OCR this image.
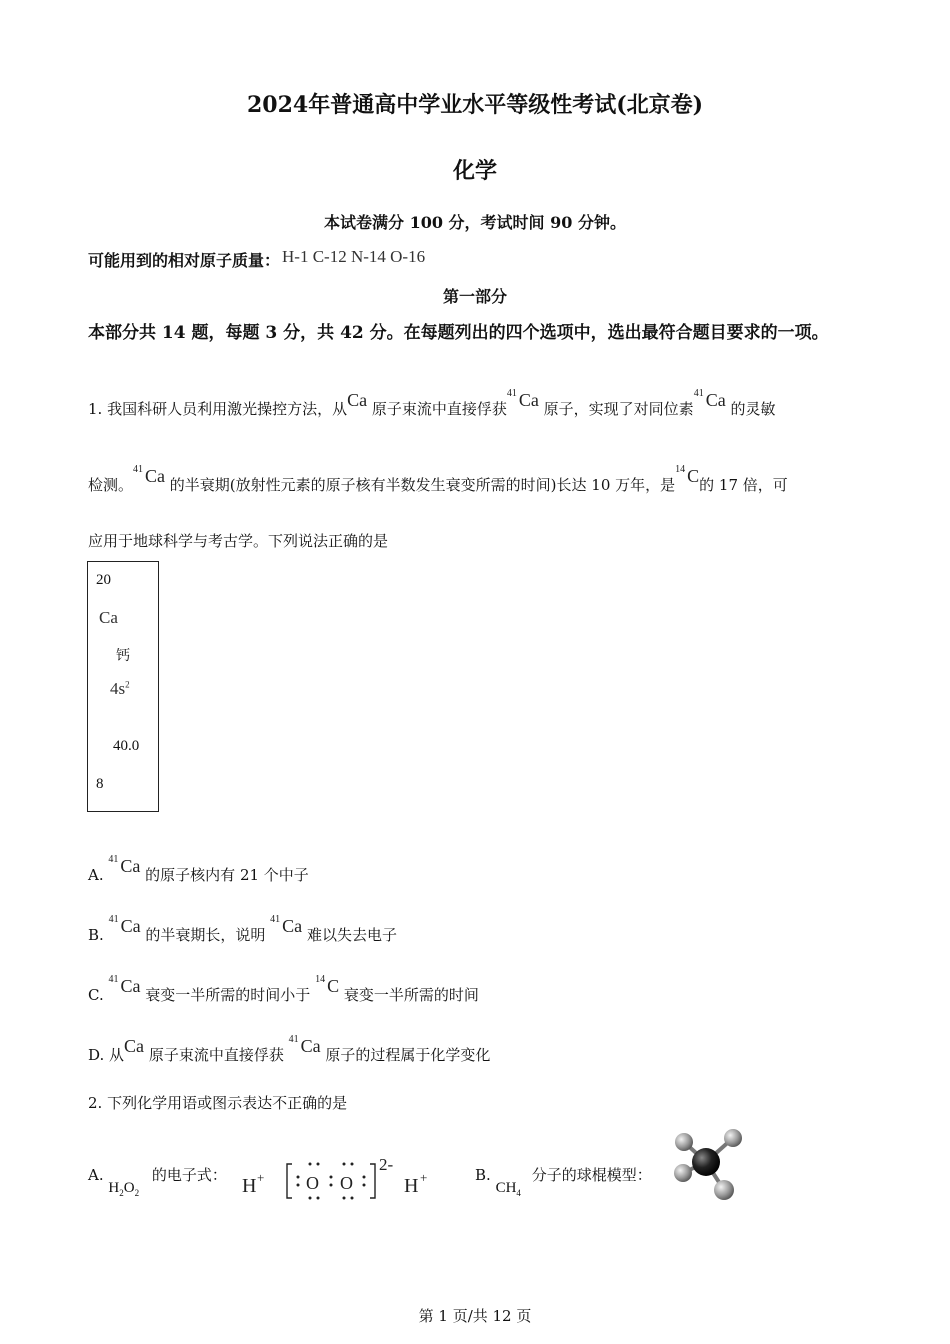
2024年普通高中学业水平等级性考试(北京卷)
化学
本试卷满分 100 分，考试时间 90 分钟。
可能用到的相对原子质量： H-1 C-12 N-14 O-16
第一部分
本部分共 14 题，每题 3 分，共 42 分。在每题列出的四个选项中，选出最符合题目要求的一项。
1. 我国科研人员利用激光操控方法，从Ca 原子束流中直接俘获$^{41}$ Ca 原子，实现了对同位素$^{41}$ Ca 的灵敏
检测。$^{41}$ Ca 的半衰期(放射性元素的原子核有半数发生衰变所需的时间)长达 10 万年，是$^{14}$ C的 17 倍，可
应用于地球科学与考古学。下列说法正确的是
20
Ca
钙
$4s^2$
40.0
8
A. $^{41}$ Ca 的原子核内有 21 个中子
B. $^{41}$ Ca 的半衰期长，说明 $^{41}$ Ca 难以失去电子
C. $^{41}$ Ca 衰变一半所需的时间小于 $^{14}$ C 衰变一半所需的时间
D. 从Ca 原子束流中直接俘获 $^{41}$ Ca 原子的过程属于化学变化
2. 下列化学用语或图示表达不正确的是
A. $H_2O_2$ 的电子式： H + O O
2-
H +	B. $CH_4$ 分子的球棍模型：
第 1 页/共 12 页
